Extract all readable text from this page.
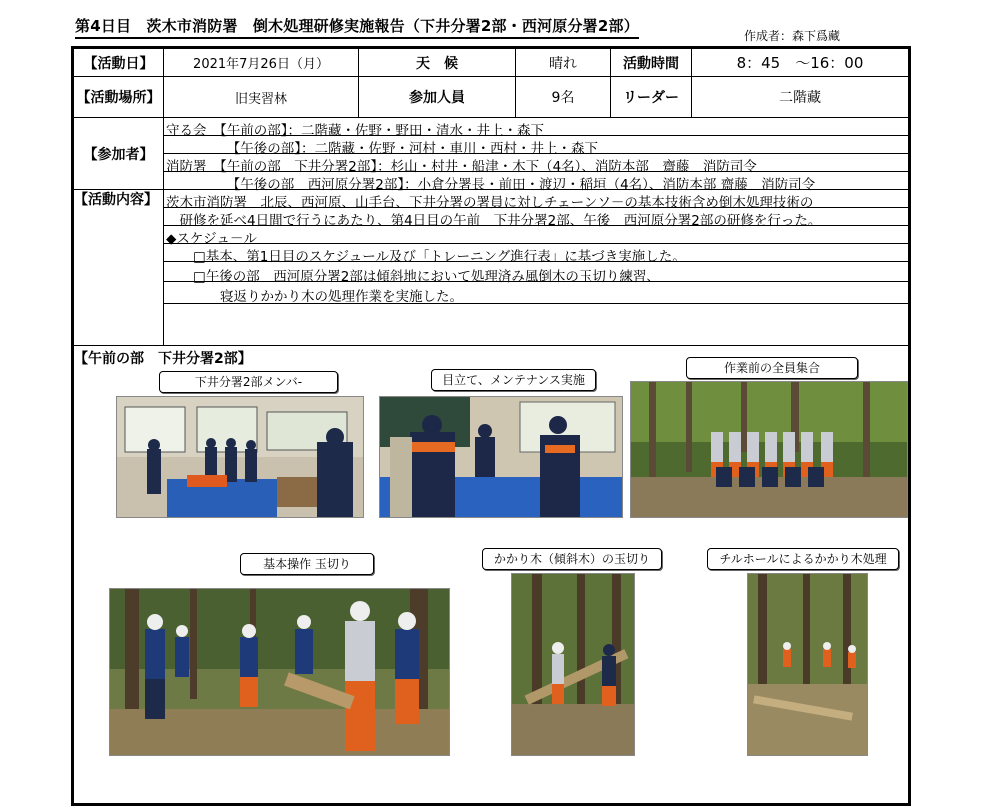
第4日目　茨木市消防署　倒木処理研修実施報告（下井分署2部・西河原分署2部）
作成者：森下爲藏
【活動日】	2021年7月26日（月）	天　候	晴れ	活動時間	8：45　～16：00
【活動場所】	旧実習林	参加人員	9名	リーダー	二階藏
【参加者】
守る会　【午前の部】：二階藏・佐野・野田・清水・井上・森下
　　　　　【午後の部】：二階藏・佐野・河村・車川・西村・井上・森下
消防署　【午前の部　下井分署2部】：杉山・村井・船津・木下（4名）、消防本部　齋藤　消防司令
　　　　　【午後の部　西河原分署2部】：小倉分署長・前田・渡辺・稲垣（4名）、消防本部 齋藤　消防司令
【活動内容】 茨木市消防署　北辰、西河原、山手台、下井分署の署員に対しチェーンソ－の基本技術含め倒木処理技術の
　研修を延べ4日間で行うにあたり、第4日目の午前　下井分署2部、午後　西河原分署2部の研修を行った。
◆スケジュ－ル
　　□基本、第1日目のスケジュール及び「トレーニング進行表」に基づき実施した。
　　□午後の部　西河原分署2部は傾斜地において処理済み風倒木の玉切り練習、
　　　　寝返りかかり木の処理作業を実施した。
【午前の部　下井分署2部】
下井分署2部メンバ-	目立て、メンテナンス実施
作業前の全員集合
基本操作 玉切り	かかり木（傾斜木）の玉切り	チルホールによるかかり木処理
